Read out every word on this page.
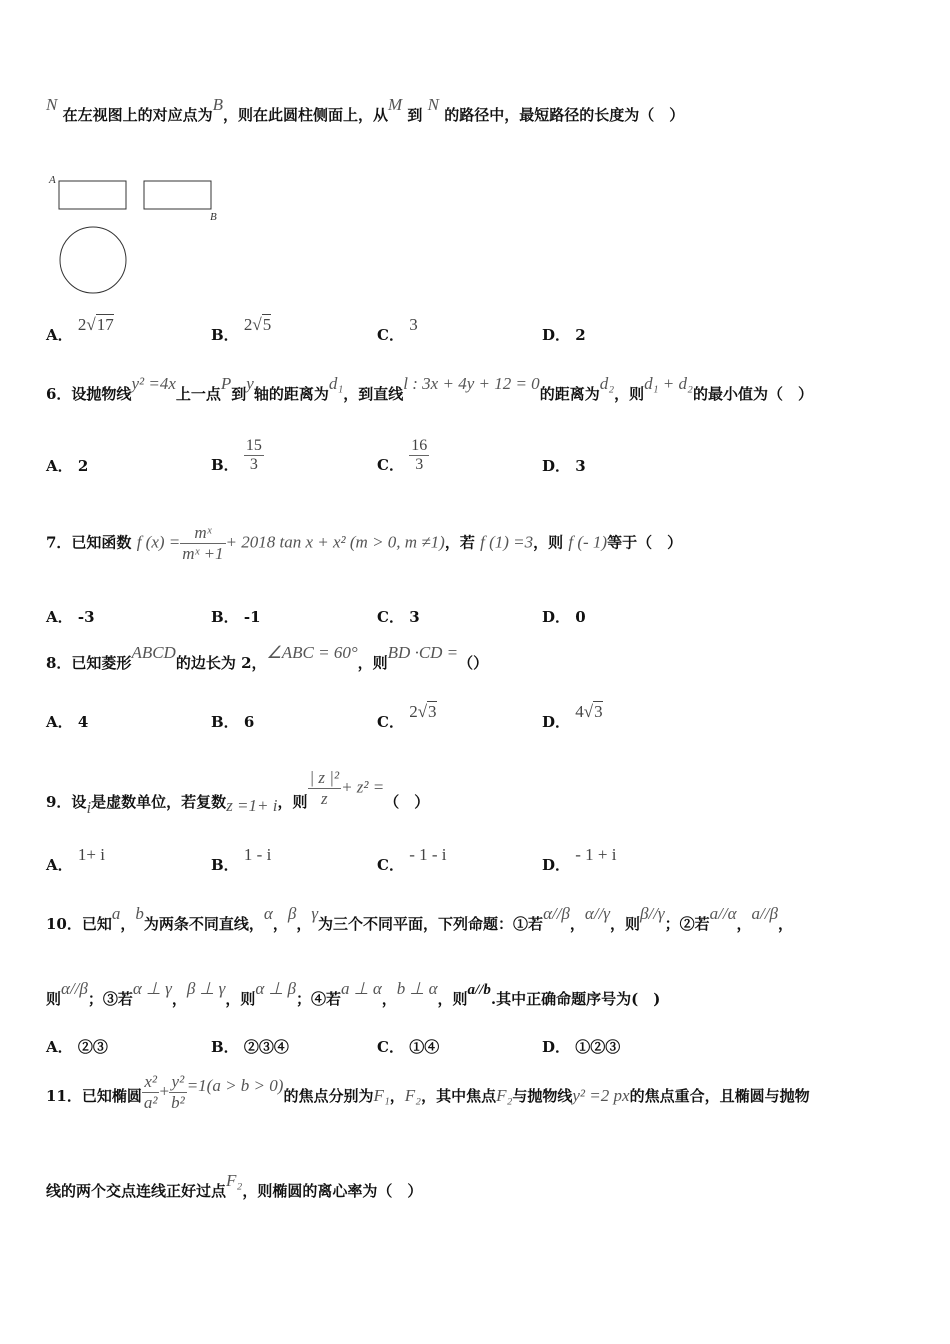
N 在左视图上的对应点为B，则在此圆柱侧面上，从M 到 N 的路径中，最短路径的长度为（　）
A
B
A． 2√17
B． 2√5
C． 3
D． 2
6．设抛物线y² =4x上一点P到y轴的距离为d₁，到直线l : 3x + 4y + 12 = 0的距离为d₂，则d₁ + d₂的最小值为（　）
A． 2	B． $\frac{15}{3}$	C． $\frac{16}{3}$	D． 3
7．已知函数 f $(x) = \frac{\text{mˣ}}{\text{mˣ +1}} + 2018$ tan x + x² (m > 0, m ≠1)，若 f (1) =3，则 f (- 1)等于（　）
A． -3	B． -1	C． 3	D． 0
8．已知菱形ABCD的边长为 2，∠ABC = 60°，则BD ·CD =（）
A． 4	B． 6	C． 2√3
D． 4√3
9．设i是虚数单位，若复数z =1+ i，则 $\frac{\text{| z |²}}{z} + z^2$ =（　）
A． 1+ i
B． 1 - i
C． - 1 - i
D． - 1 + i
10．已知a，b为两条不同直线，α，β，γ为三个不同平面，下列命题：①若α//β，α//γ，则β//γ；②若a//α，a//β，
则α//β；③若α ⊥ γ，β ⊥ γ，则α ⊥ β；④若a ⊥ α，b ⊥ α，则a//b.其中正确命题序号为(　)
A． ②③	B． ②③④	C． ①④	D． ①②③
11．已知椭圆 $\frac{\text{x²}}{\text{a²}} + \frac{\text{y²}}{\text{b²}} =1(a > b > 0)$的焦点分别为F₁，F₂，其中焦点F₂与抛物线y² =2 px的焦点重合，且椭圆与抛物
线的两个交点连线正好过点F₂，则椭圆的离心率为（　）
